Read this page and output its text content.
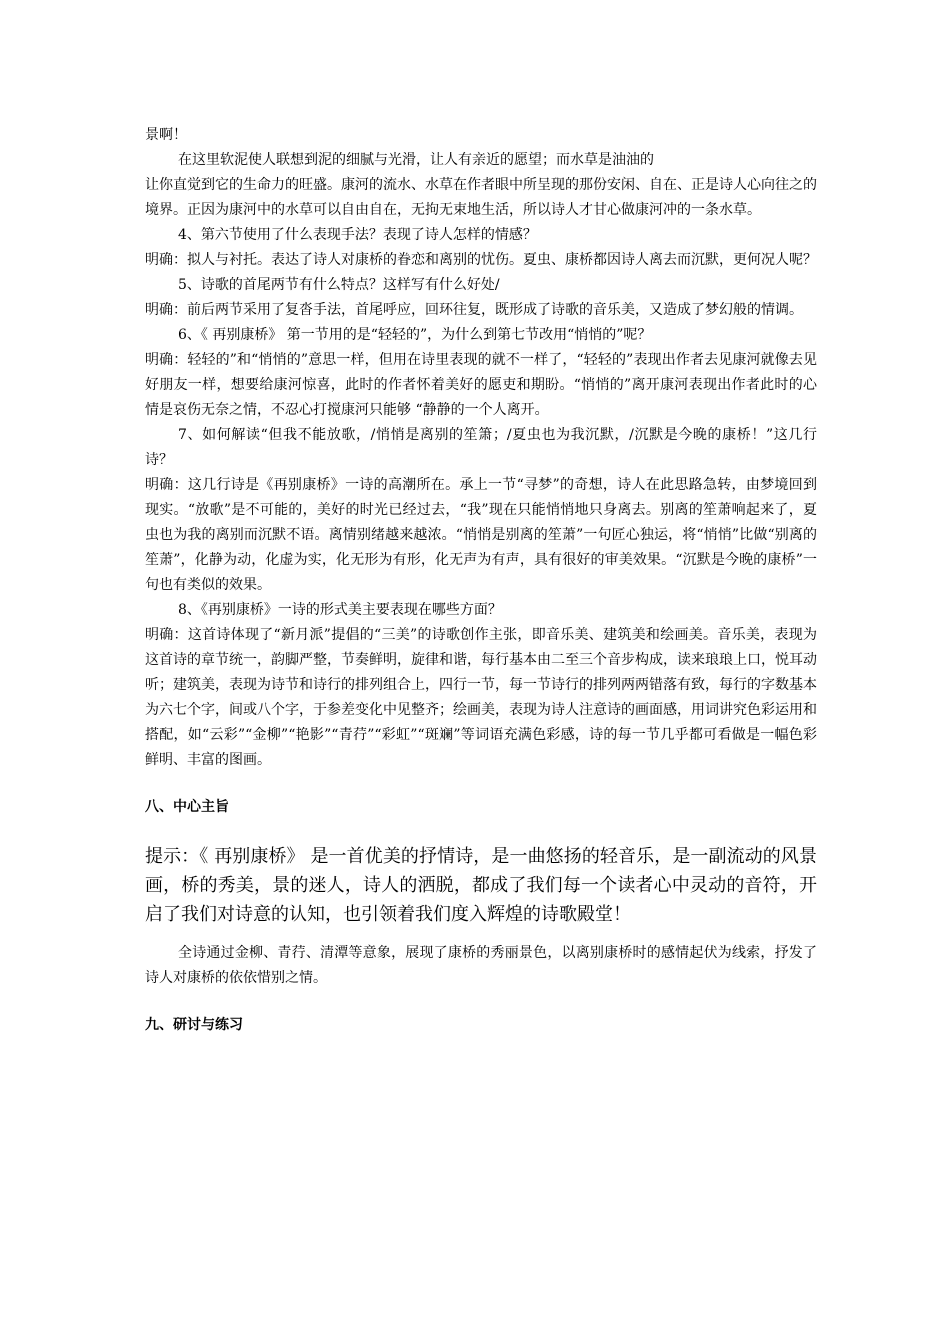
景啊！

在这里软泥使人联想到泥的细腻与光滑，让人有亲近的愿望；而水草是油油的

让你直觉到它的生命力的旺盛。康河的流水、水草在作者眼中所呈现的那份安闲、自在、正是诗人心向往之的境界。正因为康河中的水草可以自由自在，无拘无束地生活，所以诗人才甘心做康河冲的一条水草。

4、第六节使用了什么表现手法？表现了诗人怎样的情感？

明确：拟人与衬托。表达了诗人对康桥的眷恋和离别的忧伤。夏虫、康桥都因诗人离去而沉默，更何况人呢？

5、诗歌的首尾两节有什么特点？这样写有什么好处/

明确：前后两节采用了复沓手法，首尾呼应，回环往复，既形成了诗歌的音乐美，又造成了梦幻般的情调。

6、《 再别康桥》 第一节用的是“轻轻的”，为什么到第七节改用“悄悄的”呢？

明确：轻轻的”和“悄悄的”意思一样，但用在诗里表现的就不一样了，“轻轻的”表现出作者去见康河就像去见好朋友一样，想要给康河惊喜，此时的作者怀着美好的愿吏和期盼。“悄悄的”离开康河表现出作者此时的心情是哀伤无奈之情，不忍心打搅康河只能够 “静静的一个人离开。

7、如何解读“但我不能放歌，/悄悄是离别的笙箫；/夏虫也为我沉默，/沉默是今晚的康桥！”这几行诗？

明确：这几行诗是《再别康桥》一诗的高潮所在。承上一节“寻梦”的奇想，诗人在此思路急转，由梦境回到现实。“放歌”是不可能的，美好的时光已经过去，“我”现在只能悄悄地只身离去。别离的笙萧响起来了，夏虫也为我的离别而沉默不语。离情别绪越来越浓。“悄悄是别离的笙萧”一句匠心独运，将“悄悄”比做“别离的笙萧”，化静为动，化虚为实，化无形为有形，化无声为有声，具有很好的审美效果。“沉默是今晚的康桥”一句也有类似的效果。

8、《再别康桥》一诗的形式美主要表现在哪些方面？

明确：这首诗体现了“新月派”提倡的“三美”的诗歌创作主张，即音乐美、建筑美和绘画美。音乐美，表现为这首诗的章节统一，韵脚严整，节奏鲜明，旋律和谐，每行基本由二至三个音步构成，读来琅琅上口，悦耳动听；建筑美，表现为诗节和诗行的排列组合上，四行一节，每一节诗行的排列两两错落有致，每行的字数基本为六七个字，间或八个字，于参差变化中见整齐；绘画美，表现为诗人注意诗的画面感，用词讲究色彩运用和搭配，如“云彩”“金柳”“艳影”“青荇”“彩虹”“斑斓”等词语充满色彩感，诗的每一节几乎都可看做是一幅色彩鲜明、丰富的图画。

八、中心主旨

提示：《 再别康桥》 是一首优美的抒情诗，是一曲悠扬的轻音乐，是一副流动的风景画，桥的秀美，景的迷人，诗人的洒脱，都成了我们每一个读者心中灵动的音符，开启了我们对诗意的认知，也引领着我们度入辉煌的诗歌殿堂！

全诗通过金柳、青荇、清潭等意象，展现了康桥的秀丽景色，以离别康桥时的感情起伏为线索，抒发了诗人对康桥的依依惜别之情。

九、研讨与练习
